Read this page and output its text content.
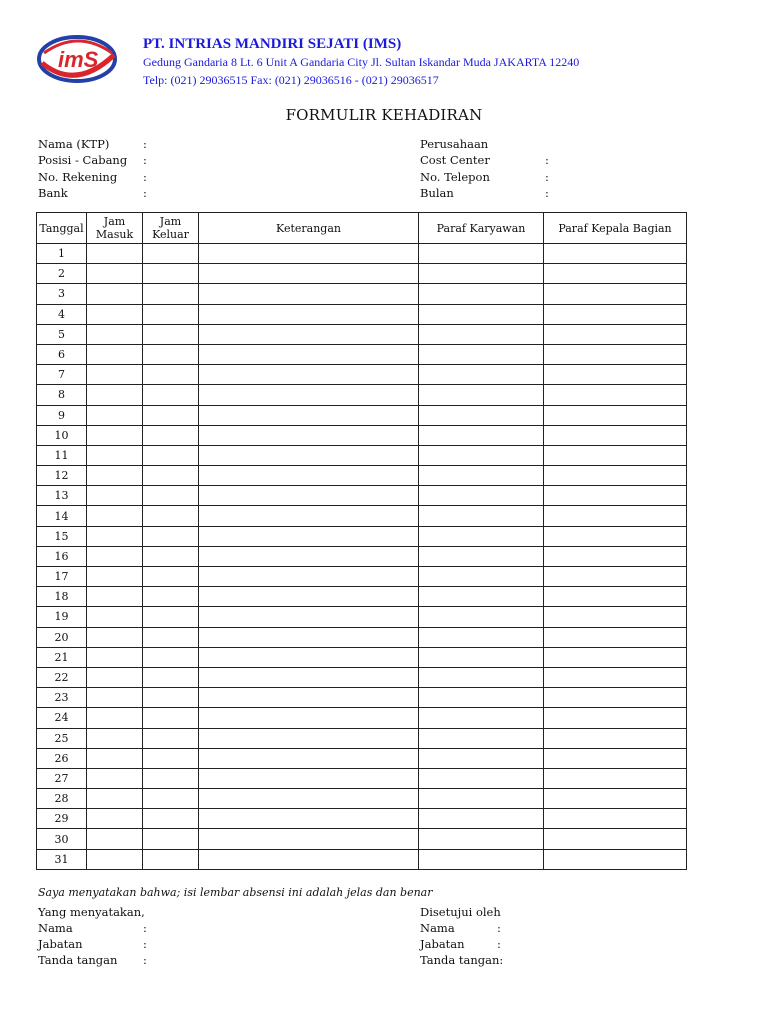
imS
PT. INTRIAS MANDIRI SEJATI (IMS)
Gedung Gandaria 8 Lt. 6 Unit A Gandaria City Jl. Sultan Iskandar Muda JAKARTA 12240
Telp: (021) 29036515 Fax: (021) 29036516 - (021) 29036517
FORMULIR KEHADIRAN
Nama (KTP)	:
Posisi - Cabang :
No. Rekening :
Bank	:
Perusahaan
Cost Center	:
No. Telepon	:
Bulan	:
Tanggal	Jam Masuk	Jam Keluar	Keterangan	Paraf Karyawan	Paraf Kepala Bagian
1					
2					
3					
4					
5					
6					
7					
8					
9					
10					
11					
12					
13					
14					
15					
16					
17					
18					
19					
20					
21					
22					
23					
24					
25					
26					
27					
28					
29					
30					
31					
Saya menyatakan bahwa; isi lembar absensi ini adalah jelas dan benar
Yang menyatakan,
Nama	:
Jabatan	:
Tanda tangan :
Disetujui oleh
Nama	:
Jabatan	:
Tanda tangan:
